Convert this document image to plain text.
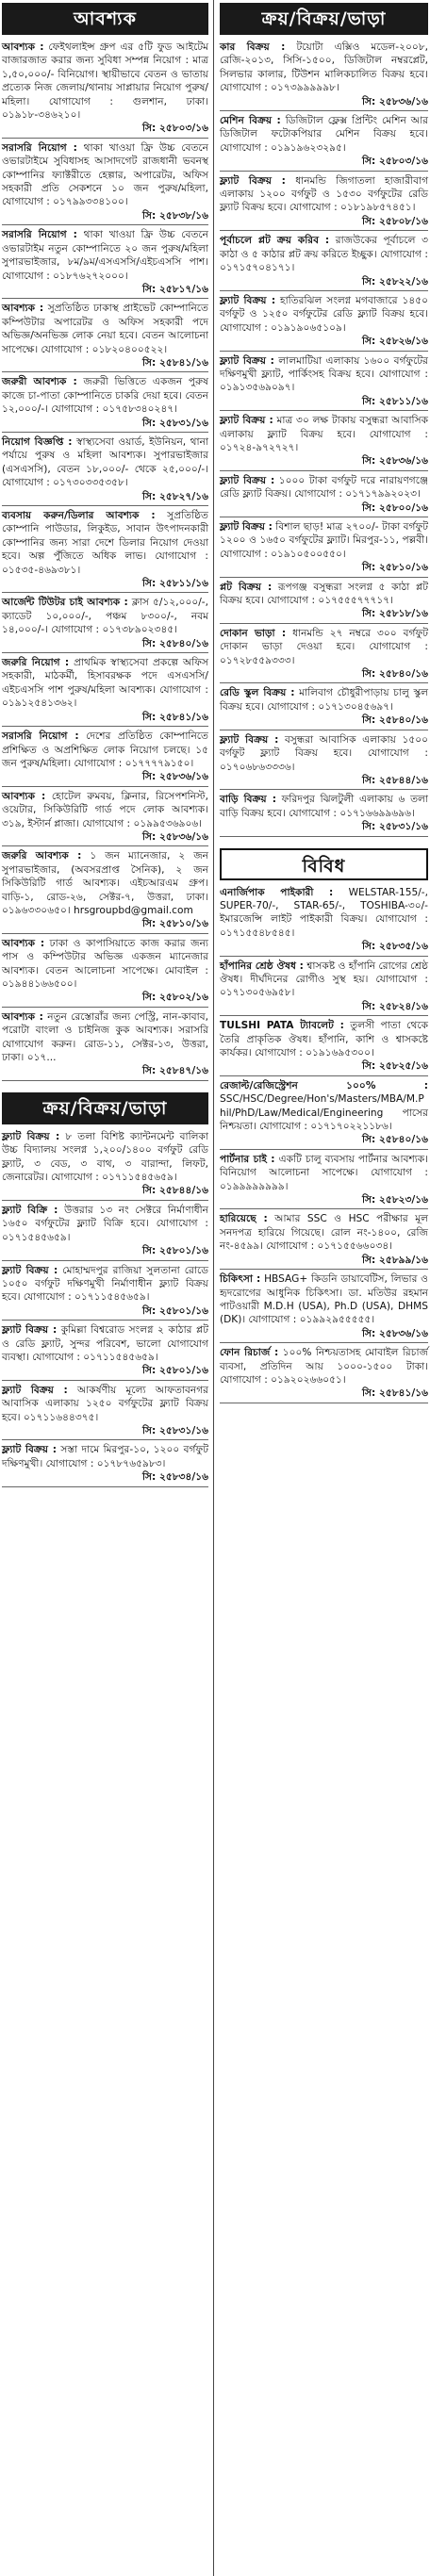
আবশ্যক
আবশ্যক : ফেইথলাইন্স গ্রুপ এর ৫টি ফুড আইটেম বাজারজাত করার জন্য সুবিধা সম্পন্ন নিয়োগ : মাত্র ১,৫০,০০০/- বিনিয়োগ। স্থায়ীভাবে বেতন ও ভাতায় প্রত্যেক নিজ জেলায়/থানায় সাপ্লায়ার নিয়োগ পুরুষ/মহিলা। যোগাযোগ : গুলশান, ঢাকা। ০১৯১৮-৩৪৬২১০।
সি: ২৫৮০৩/১৬
সরাসরি নিয়োগ : থাকা খাওয়া ফ্রি উচ্চ বেতনে ওভারটাইমে সুবিধাসহ আসাদগেট রাজধানী ভবনস্থ কোম্পানির ফ্যাক্টরীতে হেল্পার, অপারেটর, অফিস সহকারী প্রতি সেকশনে ১০ জন পুরুষ/মহিলা, যোগাযোগ : ০১৭৯৯৩৩৪১০০।
সি: ২৫৮৩৮/১৬
সরাসরি নিয়োগ : থাকা খাওয়া ফ্রি উচ্চ বেতনে ওভারটাইম নতুন কোম্পানিতে ২০ জন পুরুষ/মহিলা সুপারভাইজার, ৮ম/৯ম/এসএসসি/এইচএসসি পাশ। যোগাযোগ : ০১৮৭৬২৭২০০০।
সি: ২৫৮১৭/১৬
আবশ্যক : সুপ্রতিষ্ঠিত ঢাকাস্থ প্রাইভেট কোম্পানিতে কম্পিউটার অপারেটর ও অফিস সহকারী পদে অভিজ্ঞ/অনভিজ্ঞ লোক নেয়া হবে। বেতন আলোচনা সাপেক্ষে। যোগাযোগ : ০১৮২০৪০০৫২২।
সি: ২৫৮৪১/১৬
জরুরী আবশ্যক : জরুরী ভিত্তিতে একজন পুরুষ কাজে চা-পাতা কোম্পানিতে চাকরি দেয়া হবে। বেতন ১২,০০০/-। যোগাযোগ : ০১৭৫৮৩৪০২৪৭।
সি: ২৫৮৩১/১৬
নিয়োগ বিজ্ঞপ্তি : স্বাস্থ্যসেবা ওয়ার্ড, ইউনিয়ন, থানা পর্যায়ে পুরুষ ও মহিলা আবশ্যক। সুপারভাইজার (এসএসসি), বেতন ১৮,০০০/- থেকে ২৫,০০০/-। যোগাযোগ : ০১৭৩০৩৩৫৩৫৮।
সি: ২৫৮২৭/১৬
ব্যবসায় করুন/ডিলার আবশ্যক : সুপ্রতিষ্ঠিত কোম্পানি পাউডার, লিকুইড, সাবান উৎপাদনকারী কোম্পানির জন্য সারা দেশে ডিলার নিয়োগ দেওয়া হবে। অল্প পুঁজিতে অধিক লাভ। যোগাযোগ : ০১৫৩৫-৪৬৯৩৮১।
সি: ২৫৮১১/১৬
আর্জেন্ট টিউটর চাই আবশ্যক : ক্লাস ৫/১২,০০০/-, ক্যাডেট ১০,০০০/-, পঞ্চম ৮৩০০/-, নবম ১৪,০০০/-। যোগাযোগ : ০১৭৩৮৯০২৩৪৫।
সি: ২৫৮৪০/১৬
জরুরি নিয়োগ : প্রাথমিক স্বাস্থ্যসেবা প্রকল্পে অফিস সহকারী, মাঠকর্মী, হিসাবরক্ষক পদে এসএসসি/এইচএসসি পাশ পুরুষ/মহিলা আবশ্যক। যোগাযোগ : ০১৯১২৫৪১৩৬২।
সি: ২৫৮৪১/১৬
সরাসরি নিয়োগ : দেশের প্রতিষ্ঠিত কোম্পানিতে প্রশিক্ষিত ও অপ্রশিক্ষিত লোক নিয়োগ চলছে। ১৫ জন পুরুষ/মহিলা। যোগাযোগ : ০১৭৭৭৭৯১৫০।
সি: ২৫৮৩৬/১৬
আবশ্যক : হোটেল রুমবয়, ক্লিনার, রিসেপশনিস্ট, ওয়েটার, সিকিউরিটি গার্ড পদে লোক আবশ্যক। ৩১৯, ইস্টার্ন প্লাজা। যোগাযোগ : ০১৯৯৫৩৬৯০৬।
সি: ২৫৮৩৬/১৬
জরুরি আবশ্যক : ১ জন ম্যানেজার, ২ জন সুপারভাইজার, (অবসরপ্রাপ্ত সৈনিক), ২ জন সিকিউরিটি গার্ড আবশ্যক। এইচআরএম গ্রুপ। বাড়ি-১, রোড-২৬, সেক্টর-৭, উত্তরা, ঢাকা। ০১৯৬৩৩০৬৫০। hrsgroupbd@gmail.com
সি: ২৫৮১০/১৬
আবশ্যক : ঢাকা ও কাপাসিয়াতে কাজ করার জন্য পাস ও কম্পিউটার অভিজ্ঞ একজন ম্যানেজার আবশ্যক। বেতন আলোচনা সাপেক্ষে। মোবাইল : ০১৯৪৪১৬৬৫০০।
সি: ২৫৮০২/১৬
আবশ্যক : নতুন রেস্তোরাঁর জন্য পেস্ট্রি, নান-কাবাব, পরোটা বাংলা ও চাইনিজ কুক আবশ্যক। সরাসরি যোগাযোগ করুন। রোড-১১, সেক্টর-১৩, উত্তরা, ঢাকা। ০১৭...
সি: ২৫৮৪৭/১৬
ক্রয়/বিক্রয়/ভাড়া
ফ্ল্যাট বিক্রয় : ৮ তলা বিশিষ্ট ক্যান্টনমেন্ট বালিকা উচ্চ বিদ্যালয় সংলগ্ন ১,২০০/১৪০০ বর্গফুট রেডি ফ্ল্যাট, ৩ বেড, ৩ বাথ, ৩ বারান্দা, লিফট, জেনারেটর। যোগাযোগ : ০১৭১১৫৪৫৬৫৯।
সি: ২৫৮৪৪/১৬
ফ্ল্যাট বিক্রি : উত্তরার ১৩ নং সেক্টরে নির্মাণাধীন ১৬৫০ বর্গফুটের ফ্ল্যাট বিক্রি হবে। যোগাযোগ : ০১৭১৫৪৫৬৫৯।
সি: ২৫৮০১/১৬
ফ্ল্যাট বিক্রয় : মোহাম্মদপুর রাজিয়া সুলতানা রোডে ১০৫০ বর্গফুট দক্ষিণমুখী নির্মাণাধীন ফ্ল্যাট বিক্রয় হবে। যোগাযোগ : ০১৭১১৫৪৫৬৫৯।
সি: ২৫৮০১/১৬
ফ্ল্যাট বিক্রয় : কুমিল্লা বিশ্বরোড সংলগ্ন ২ কাঠার প্লট ও রেডি ফ্ল্যাট, সুন্দর পরিবেশ, ভালো যোগাযোগ ব্যবস্থা। যোগাযোগ : ০১৭১১৫৪৫৬৫৯।
সি: ২৫৮০১/১৬
ফ্ল্যাট বিক্রয় : আকর্ষণীয় মূল্যে আফতাবনগর আবাসিক এলাকায় ১২৫০ বর্গফুটের ফ্ল্যাট বিক্রয় হবে। ০১৭১১৬৪৪৩৭৫।
সি: ২৫৮৩১/১৬
ফ্ল্যাট বিক্রয় : সস্তা দামে মিরপুর-১০, ১২০০ বর্গফুট দক্ষিণমুখী। যোগাযোগ : ০১৭৮৭৬৫৯৮৩।
সি: ২৫৮৩৪/১৬
ক্রয়/বিক্রয়/ভাড়া
কার বিক্রয় : টয়োটা এক্সিও মডেল-২০০৮, রেজি-২০১৩, সিসি-১৫০০, ডিজিটাল নম্বরপ্লেট, সিলভার কালার, টিউশন মালিকচালিত বিক্রয় হবে। যোগাযোগ : ০১৭৩৯৯৯৯৯৮।
সি: ২৫৮৩৬/১৬
মেশিন বিক্রয় : ডিজিটাল ফ্লেক্স প্রিন্টিং মেশিন আর ডিজিটাল ফটোকপিয়ার মেশিন বিক্রয় হবে। যোগাযোগ : ০১৯১৯৬২৩২৯৫।
সি: ২৫৮০৩/১৬
ফ্ল্যাট বিক্রয় : ধানমন্ডি জিগাতলা হাজারীবাগ এলাকায় ১২০০ বর্গফুট ও ১৫৩০ বর্গফুটের রেডি ফ্ল্যাট বিক্রয় হবে। যোগাযোগ : ০১৮১৯৮৫৭৪৫১।
সি: ২৫৮০৮/১৬
পূর্বাচলে প্লট ক্রয় করিব : রাজউকের পূর্বাচলে ৩ কাঠা ও ৫ কাঠার প্লট ক্রয় করিতে ইচ্ছুক। যোগাযোগ : ০১৭১৫৭০৪১৭১।
সি: ২৫৮২২/১৬
ফ্ল্যাট বিক্রয় : হাতিরঝিল সংলগ্ন মগবাজারে ১৪৫০ বর্গফুট ও ১২৫০ বর্গফুটের রেডি ফ্ল্যাট বিক্রয় হবে। যোগাযোগ : ০১৯১৯০৬৫১০৯।
সি: ২৫৮২৬/১৬
ফ্ল্যাট বিক্রয় : লালমাটিয়া এলাকায় ১৬০০ বর্গফুটের দক্ষিণমুখী ফ্ল্যাট, পার্কিংসহ বিক্রয় হবে। যোগাযোগ : ০১৯১৩৫৬৯০৯৭।
সি: ২৫৮১১/১৬
ফ্ল্যাট বিক্রয় : মাত্র ৩০ লক্ষ টাকায় বসুন্ধরা আবাসিক এলাকায় ফ্ল্যাট বিক্রয় হবে। যোগাযোগ : ০১৭২৪-৯৭২৭২৭।
সি: ২৫৮৩৬/১৬
ফ্ল্যাট বিক্রয় : ১০০০ টাকা বর্গফুট দরে নারায়ণগঞ্জে রেডি ফ্ল্যাট বিক্রয়। যোগাযোগ : ০১৭১৭৯৯২০২৩।
সি: ২৫৮০০/১৬
ফ্ল্যাট বিক্রয় : বিশাল ছাড়! মাত্র ২৭০০/- টাকা বর্গফুট ১২০০ ও ১৬৫০ বর্গফুটের ফ্ল্যাট। মিরপুর-১১, পল্লবী। যোগাযোগ : ০১৯১০৫০০৫৫০।
সি: ২৫৮১০/১৬
প্লট বিক্রয় : রূপগঞ্জ বসুন্ধরা সংলগ্ন ৫ কাঠা প্লট বিক্রয় হবে। যোগাযোগ : ০১৭৫৫৫৭৭৭১৭।
সি: ২৫৮১৮/১৬
দোকান ভাড়া : ধানমন্ডি ২৭ নম্বরে ৩০০ বর্গফুট দোকান ভাড়া দেওয়া হবে। যোগাযোগ : ০১৭২৮৫৫৯৩৩৩।
সি: ২৫৮৪০/১৬
রেডি স্কুল বিক্রয় : মালিবাগ চৌধুরীপাড়ায় চালু স্কুল বিক্রয় হবে। যোগাযোগ : ০১৭১৩০৪৫৬৯৭।
সি: ২৫৮৪০/১৬
ফ্ল্যাট বিক্রয় : বসুন্ধরা আবাসিক এলাকায় ১৫০০ বর্গফুট ফ্ল্যাট বিক্রয় হবে। যোগাযোগ : ০১৭০৬৮৬৩৩৩৬।
সি: ২৫৮৪৪/১৬
বাড়ি বিক্রয় : ফরিদপুর ঝিলটুলী এলাকায় ৬ তলা বাড়ি বিক্রয় হবে। যোগাযোগ : ০১৭১৬৬৯৯৬৯৬।
সি: ২৫৮৩১/১৬
বিবিধ
এনার্জিপাক পাইকারী : WELSTAR-155/-, SUPER-70/-, STAR-65/-, TOSHIBA-৩০/- ইমারজেন্সি লাইট পাইকারী বিক্রয়। যোগাযোগ : ০১৭১৫৫৪৮৫৪৫।
সি: ২৫৮৩৫/১৬
হাঁপানির শ্রেষ্ঠ ঔষধ : শ্বাসকষ্ট ও হাঁপানি রোগের শ্রেষ্ঠ ঔষধ। দীর্ঘদিনের রোগীও সুস্থ হয়। যোগাযোগ : ০১৭১৩০৫৬৯৫৮।
সি: ২৫৮২৪/১৬
TULSHI PATA ট্যাবলেট : তুলসী পাতা থেকে তৈরি প্রাকৃতিক ঔষধ। হাঁপানি, কাশি ও শ্বাসকষ্টে কার্যকর। যোগাযোগ : ০১৯১৬৯৫৩০০।
সি: ২৫৮২৫/১৬
রেজাল্ট/রেজিস্ট্রেশন ১০০% : SSC/HSC/Degree/Hon's/Masters/MBA/M.Phil/PhD/Law/Medical/Engineering পাসের নিশ্চয়তা। যোগাযোগ : ০১৭১৭০২২১১৮৬।
সি: ২৫৮৪০/১৬
পার্টনার চাই : একটি চালু ব্যবসায় পার্টনার আবশ্যক। বিনিয়োগ আলোচনা সাপেক্ষে। যোগাযোগ : ০১৯৯৯৯৯৯৯৯।
সি: ২৫৮২৩/১৬
হারিয়েছে : আমার SSC ও HSC পরীক্ষার মূল সনদপত্র হারিয়ে গিয়েছে। রোল নং-১৪০০, রেজি নং-৪৫৯৯। যোগাযোগ : ০১৭১৫৫৬৬০৩৪।
সি: ২৫৮৯৯/১৬
চিকিৎসা : HBSAG+ কিডনি ডায়াবেটিস, লিভার ও হৃদরোগের আধুনিক চিকিৎসা। ডা. মতিউর রহমান পাটওয়ারী M.D.H (USA), Ph.D (USA), DHMS (DK)। যোগাযোগ : ০১৯৯২৯৫৫৫৫৫।
সি: ২৫৮৩৬/১৬
ফোন রিচার্জ : ১০০% নিশ্চয়তাসহ মোবাইল রিচার্জ ব্যবসা, প্রতিদিন আয় ১০০০-১৫০০ টাকা। যোগাযোগ : ০১৯২০২৬৬০৫১।
সি: ২৫৮৪১/১৬
